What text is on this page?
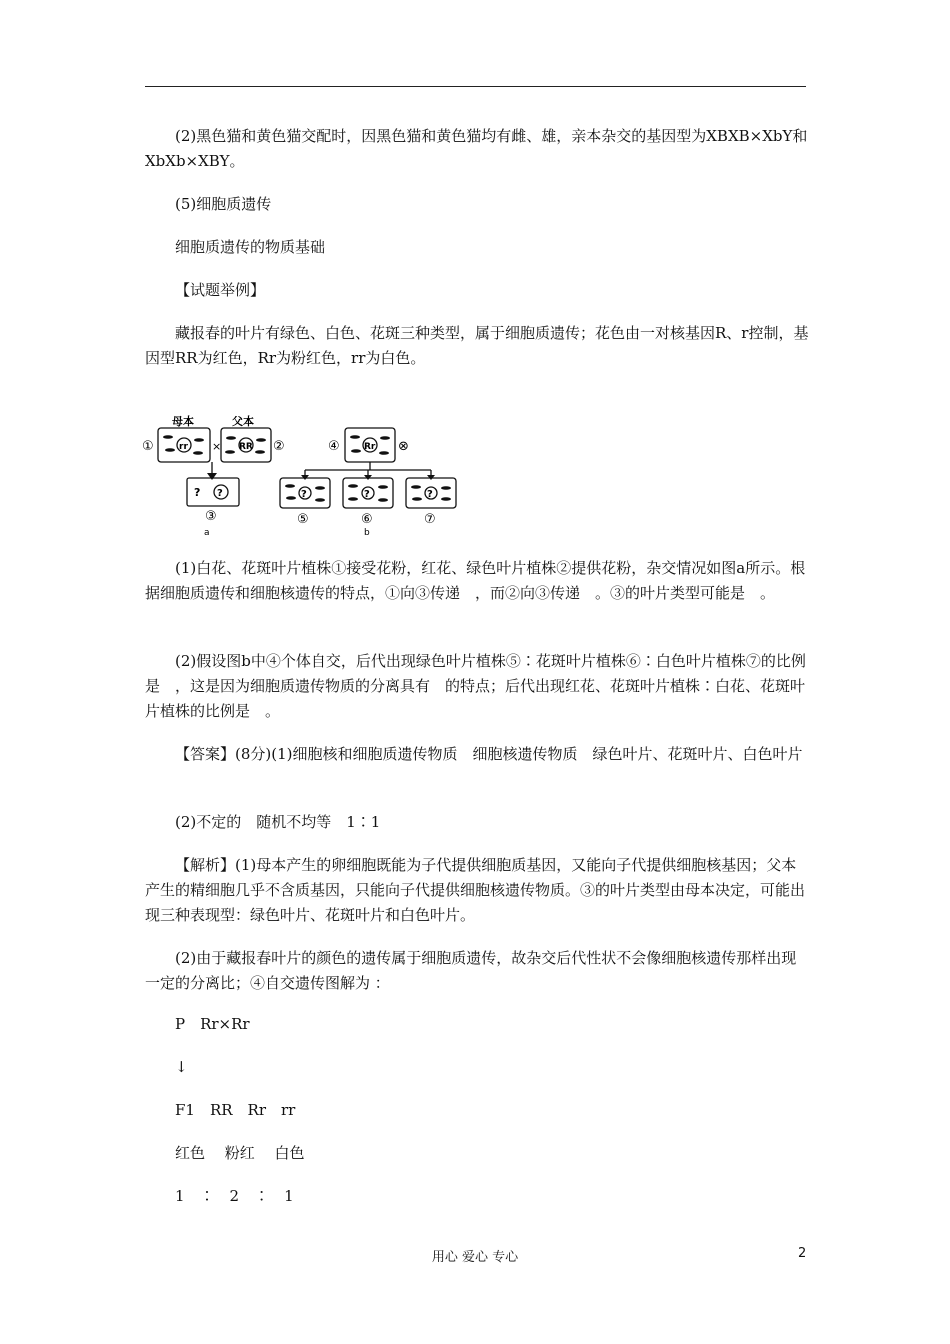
(2)黑色猫和黄色猫交配时，因黑色猫和黄色猫均有雌、雄，亲本杂交的基因型为XBXB×XbY和XbXb×XBY。

(5)细胞质遗传

细胞质遗传的物质基础

【试题举例】

藏报春的叶片有绿色、白色、花斑三种类型，属于细胞质遗传；花色由一对核基因R、r控制，基因型RR为红色，Rr为粉红色，rr为白色。

母本	父本
×
①	②
rr	RR
? ?
③
a
④	Rr ⊗
?	?	?
⑤	⑥	⑦
b

(1)白花、花斑叶片植株①接受花粉，红花、绿色叶片植株②提供花粉，杂交情况如图a所示。根据细胞质遗传和细胞核遗传的特点，①向③传递　，而②向③传递　。③的叶片类型可能是　。

(2)假设图b中④个体自交，后代出现绿色叶片植株⑤∶花斑叶片植株⑥∶白色叶片植株⑦的比例是　，这是因为细胞质遗传物质的分离具有　的特点；后代出现红花、花斑叶片植株∶白花、花斑叶片植株的比例是　。

【答案】(8分)(1)细胞核和细胞质遗传物质　细胞核遗传物质　绿色叶片、花斑叶片、白色叶片

(2)不定的　随机不均等　1∶1

【解析】(1)母本产生的卵细胞既能为子代提供细胞质基因，又能向子代提供细胞核基因；父本产生的精细胞几乎不含质基因，只能向子代提供细胞核遗传物质。③的叶片类型由母本决定，可能出现三种表现型：绿色叶片、花斑叶片和白色叶片。

(2)由于藏报春叶片的颜色的遗传属于细胞质遗传，故杂交后代性状不会像细胞核遗传那样出现一定的分离比；④自交遗传图解为 ：

P　Rr×Rr
↓
F1　RR　Rr　rr
红色　 粉红　 白色
1　∶　2　∶　1
用心 爱心 专心	2
